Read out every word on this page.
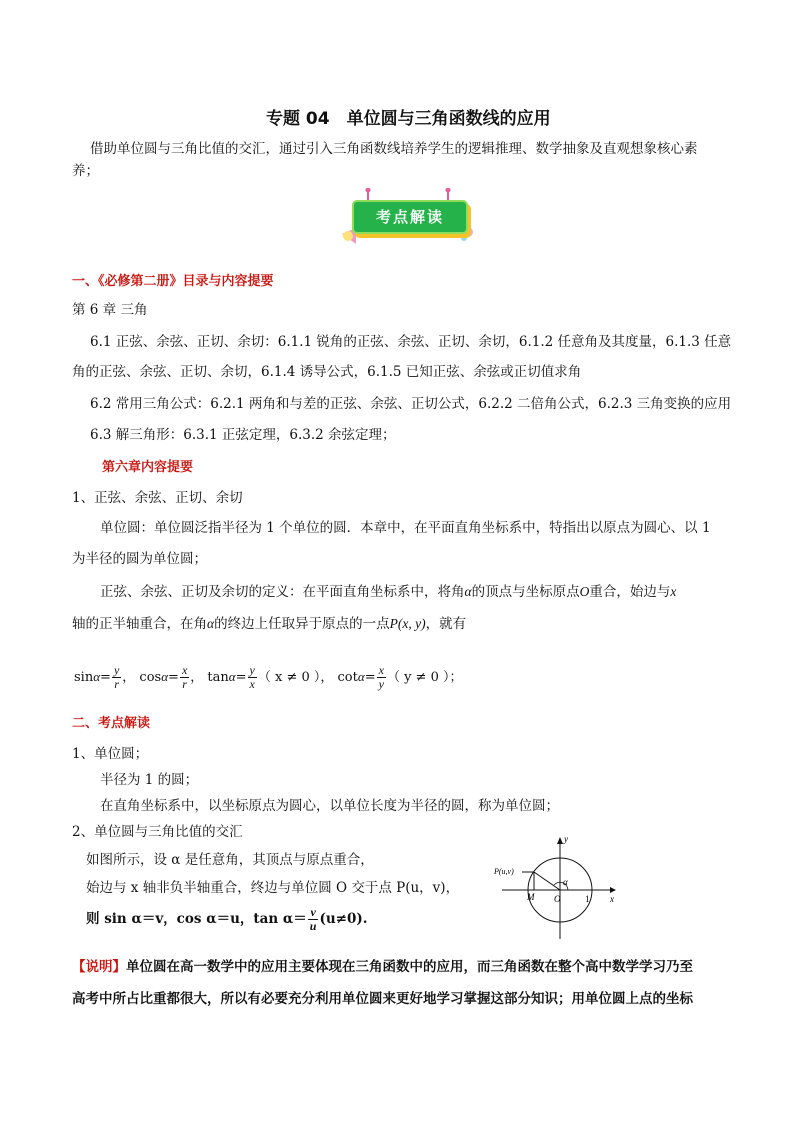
专题 04　单位圆与三角函数线的应用
借助单位圆与三角比值的交汇，通过引入三角函数线培养学生的逻辑推理、数学抽象及直观想象核心素
养；
考点解读
一、《必修第二册》目录与内容提要
第 6 章 三角
6.1 正弦、余弦、正切、余切：6.1.1 锐角的正弦、余弦、正切、余切，6.1.2 任意角及其度量，6.1.3 任意
角的正弦、余弦、正切、余切，6.1.4 诱导公式，6.1.5 已知正弦、余弦或正切值求角
6.2 常用三角公式：6.2.1 两角和与差的正弦、余弦、正切公式，6.2.2 二倍角公式，6.2.3 三角变换的应用
6.3 解三角形：6.3.1 正弦定理，6.3.2 余弦定理；
第六章内容提要
1、正弦、余弦、正切、余切
单位圆：单位圆泛指半径为 1 个单位的圆．本章中，在平面直角坐标系中，特指出以原点为圆心、以 1
为半径的圆为单位圆；
正弦、余弦、正切及余切的定义：在平面直角坐标系中，将角α的顶点与坐标原点O重合，始边与x
轴的正半轴重合，在角α的终边上任取异于原点的一点P(x, y)，就有
$\sin\alpha= \frac{y}{r}$ ， $\cos\alpha= \frac{x}{r}$ ， $\tan\alpha= \frac{y}{x}$ （ x ≠ 0 ）， $\cot\alpha= \frac{x}{y}$ （ y ≠ 0 ）；
二、考点解读
1、单位圆；
半径为 1 的圆；
在直角坐标系中，以坐标原点为圆心，以单位长度为半径的圆，称为单位圆；
2、单位圆与三角比值的交汇
如图所示，设 α 是任意角，其顶点与原点重合，
始边与 x 轴非负半轴重合，终边与单位圆 O 交于点 P(u，v)，
则 sin α＝v，cos α＝u，$\tan \alpha= \frac{v}{u} (u\ne 0)$.
y
x
P(u,v)
M O	1
α
【说明】单位圆在高一数学中的应用主要体现在三角函数中的应用，而三角函数在整个高中数学学习乃至
高考中所占比重都很大，所以有必要充分利用单位圆来更好地学习掌握这部分知识；用单位圆上点的坐标
